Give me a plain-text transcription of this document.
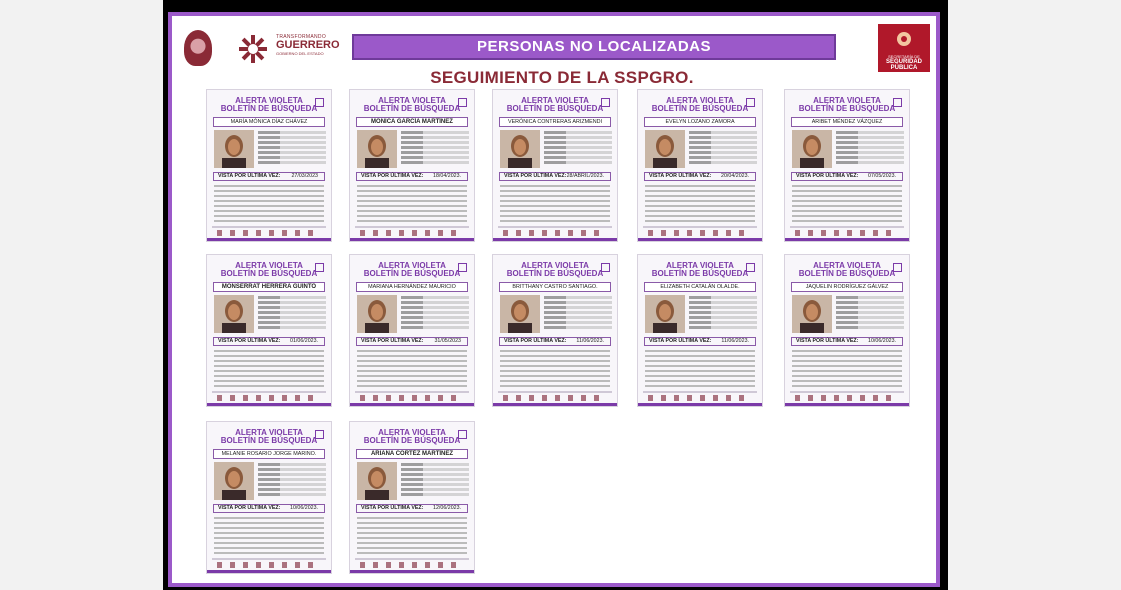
TRANSFORMANDO
GUERRERO
GOBIERNO DEL ESTADO	PERSONAS NO LOCALIZADAS
SEGUIMIENTO DE LA SSPGRO.
SECRETARÍA DE
SEGURIDAD PÚBLICA
ALERTA VIOLETA
BOLETÍN DE BÚSQUEDA
MARÍA MÓNICA DÍAZ CHÁVEZ
VISTA POR ÚLTIMA VEZ: 27/03/2023
ALERTA VIOLETA
BOLETÍN DE BÚSQUEDA
MÓNICA GARCÍA MARTÍNEZ
VISTA POR ÚLTIMA VEZ: 18/04/2023.
ALERTA VIOLETA
BOLETÍN DE BÚSQUEDA
VERÓNICA CONTRERAS ARIZMENDI
VISTA POR ÚLTIMA VEZ: 28/ABRIL/2023.
ALERTA VIOLETA
BOLETÍN DE BÚSQUEDA
EVELYN LOZANO ZAMORA
VISTA POR ÚLTIMA VEZ: 20/04/2023.
ALERTA VIOLETA
BOLETÍN DE BÚSQUEDA
ARIBET MÉNDEZ VÁZQUEZ
VISTA POR ÚLTIMA VEZ: 07/05/2023.
ALERTA VIOLETA
BOLETÍN DE BÚSQUEDA
MONSERRAT HERRERA GUINTO
VISTA POR ÚLTIMA VEZ: 01/06/2023.
ALERTA VIOLETA
BOLETÍN DE BÚSQUEDA
MARIANA HERNÁNDEZ MAURICIO
VISTA POR ÚLTIMA VEZ: 31/05/2023
ALERTA VIOLETA
BOLETÍN DE BÚSQUEDA
BRITTHANY CASTRO SANTIAGO.
VISTA POR ÚLTIMA VEZ: 11/06/2023.
ALERTA VIOLETA
BOLETÍN DE BÚSQUEDA
ELIZABETH CATALÁN OLALDE.
VISTA POR ÚLTIMA VEZ: 11/06/2023.
ALERTA VIOLETA
BOLETÍN DE BÚSQUEDA
JAQUELIN RODRÍGUEZ GÁLVEZ
VISTA POR ÚLTIMA VEZ: 10/06/2023.
ALERTA VIOLETA
BOLETÍN DE BÚSQUEDA
MELANIE ROSARIO JORGE MARINO.
VISTA POR ÚLTIMA VEZ: 10/06/2023.
ALERTA VIOLETA
BOLETÍN DE BÚSQUEDA
ARIANA CORTÉZ MARTÍNEZ
VISTA POR ÚLTIMA VEZ: 12/06/2023.
